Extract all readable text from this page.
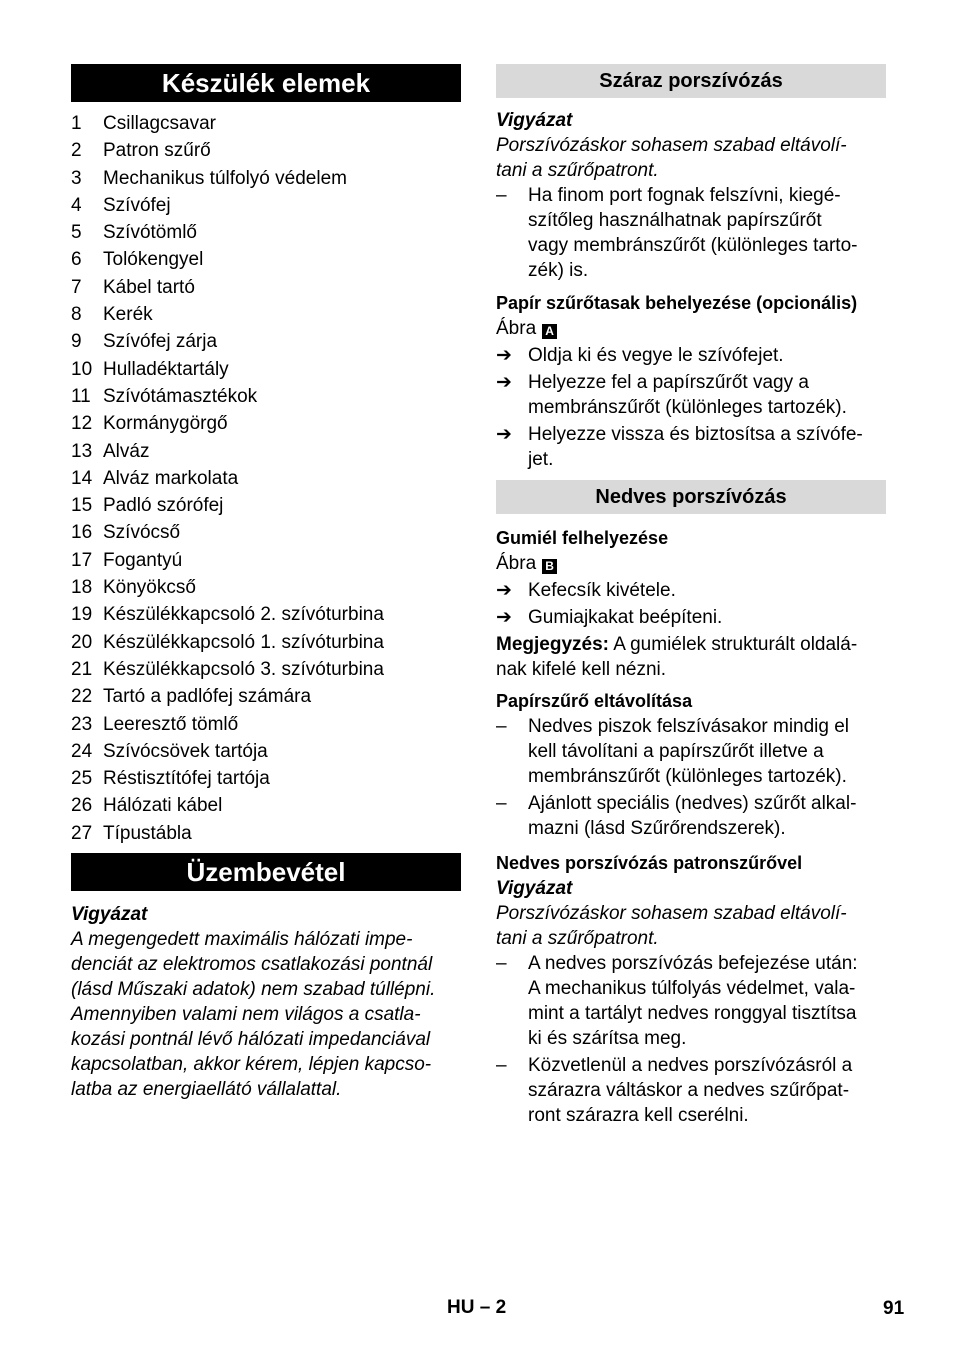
Készülék elemek
1	Csillagcsavar
2	Patron szűrő
3	Mechanikus túlfolyó védelem
4	Szívófej
5	Szívótömlő
6	Tolókengyel
7	Kábel tartó
8	Kerék
9	Szívófej zárja
10 Hulladéktartály
11 Szívótámasztékok
12 Kormánygörgő
13 Alváz
14 Alváz markolata
15 Padló szórófej
16 Szívócső
17 Fogantyú
18 Könyökcső
19 Készülékkapcsoló 2. szívóturbina
20 Készülékkapcsoló 1. szívóturbina
21 Készülékkapcsoló 3. szívóturbina
22 Tartó a padlófej számára
23 Leeresztő tömlő
24 Szívócsövek tartója
25 Réstisztítófej tartója
26 Hálózati kábel
27 Típustábla
Üzembevétel
Vigyázat
A megengedett maximális hálózati impe-
denciát az elektromos csatlakozási pontnál
(lásd Műszaki adatok) nem szabad túllépni.
Amennyiben valami nem világos a csatla-
kozási pontnál lévő hálózati impedanciával
kapcsolatban, akkor kérem, lépjen kapcso-
latba az energiaellátó vállalattal.
Száraz porszívózás
Vigyázat
Porszívózáskor sohasem szabad eltávolí-
tani a szűrőpatront.
–	Ha finom port fognak felszívni, kiegé-
szítőleg használhatnak papírszűrőt
vagy membránszűrőt (különleges tarto-
zék) is.
Papír szűrőtasak behelyezése (opcionális)
Ábra A
➔ Oldja ki és vegye le szívófejet.
➔ Helyezze fel a papírszűrőt vagy a
membránszűrőt (különleges tartozék).
➔ Helyezze vissza és biztosítsa a szívófe-
jet.
Nedves porszívózás
Gumiél felhelyezése
Ábra B
➔ Kefecsík kivétele.
➔ Gumiajkakat beépíteni.
Megjegyzés: A gumiélek strukturált oldalá-
nak kifelé kell nézni.
Papírszűrő eltávolítása
–	Nedves piszok felszívásakor mindig el
kell távolítani a papírszűrőt illetve a
membránszűrőt (különleges tartozék).
–	Ajánlott speciális (nedves) szűrőt alkal-
mazni (lásd Szűrőrendszerek).
Nedves porszívózás patronszűrővel
Vigyázat
Porszívózáskor sohasem szabad eltávolí-
tani a szűrőpatront.
–	A nedves porszívózás befejezése után:
A mechanikus túlfolyás védelmet, vala-
mint a tartályt nedves ronggyal tisztítsa
ki és szárítsa meg.
–	Közvetlenül a nedves porszívózásról a
szárazra váltáskor a nedves szűrőpat-
ront szárazra kell cserélni.
HU – 2	91
